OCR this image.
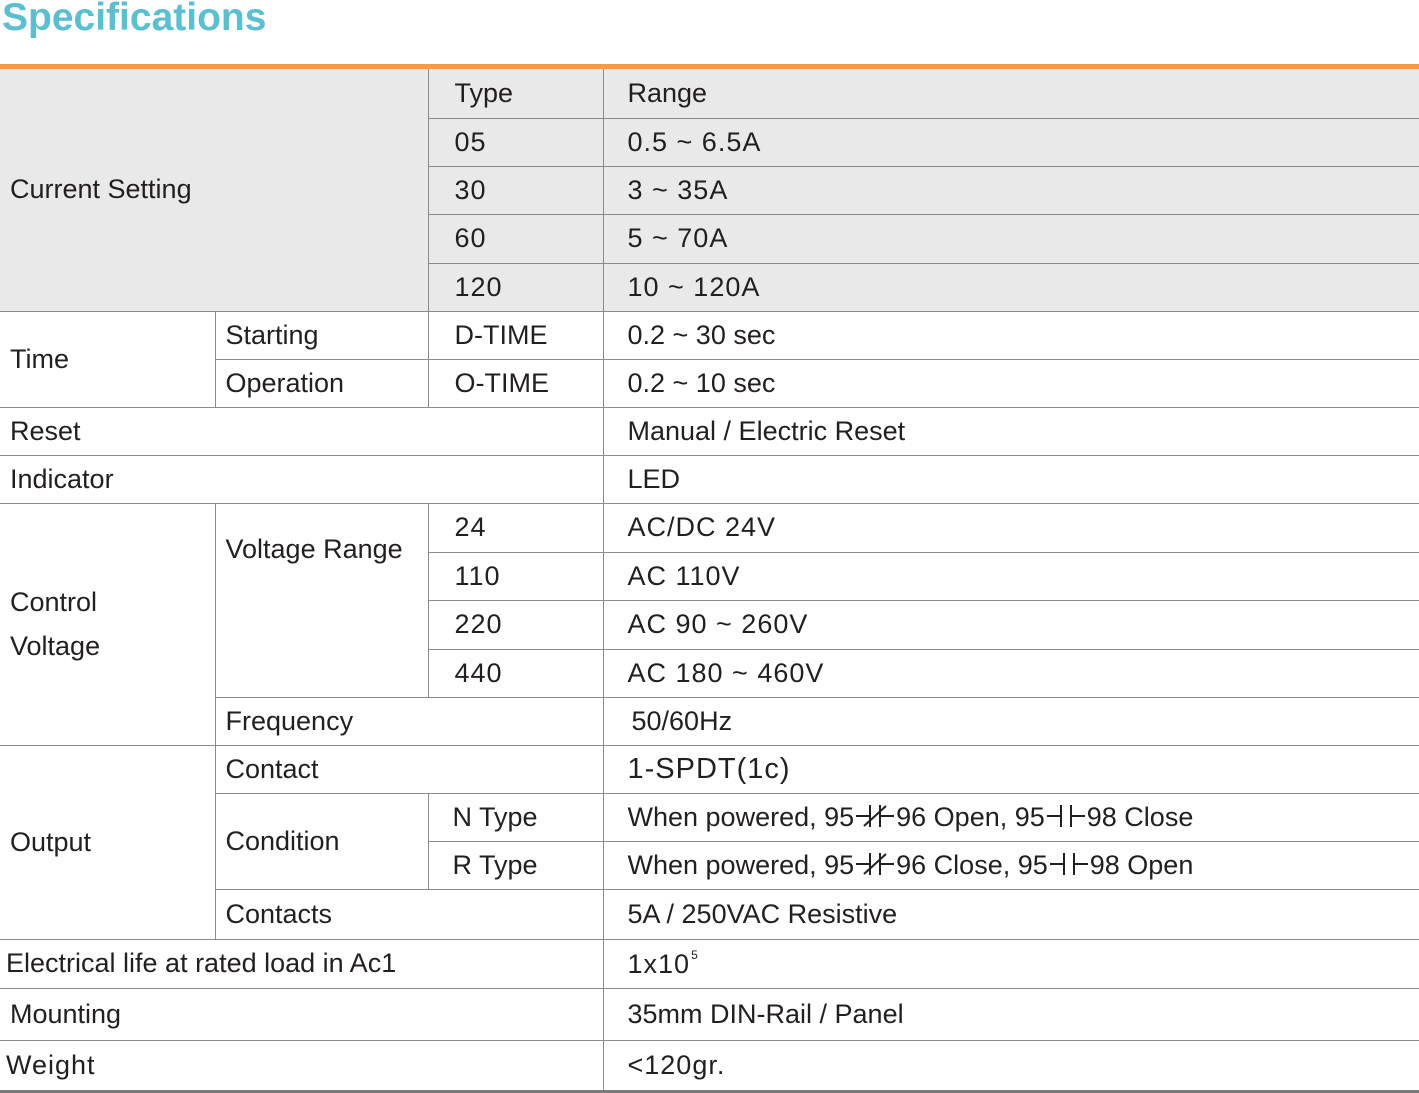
Specifications
Current Setting		Type	Range
		05	0.5 ~ 6.5A
		30	3 ~ 35A
		60	5 ~ 70A
		120	10 ~ 120A
Time	Starting	D-TIME	0.2 ~ 30 sec
	Operation	O-TIME	0.2 ~ 10 sec
Reset			Manual / Electric Reset
Indicator			LED
Control
Voltage	Voltage Range	24	AC/DC 24V
		110	AC 110V
		220	AC 90 ~ 260V
		440	AC 180 ~ 460V
	Frequency		50/60Hz
Output	Contact		1-SPDT(1c)
	Condition	N Type	When powered, 95 96 Open, 95 98 Close
		R Type	When powered, 95 96 Close, 95 98 Open
	Contacts		5A / 250VAC Resistive
Electrical life at rated load in Ac1			$1x10^5$
Mounting			35mm DIN-Rail / Panel
Weight			<120gr.
